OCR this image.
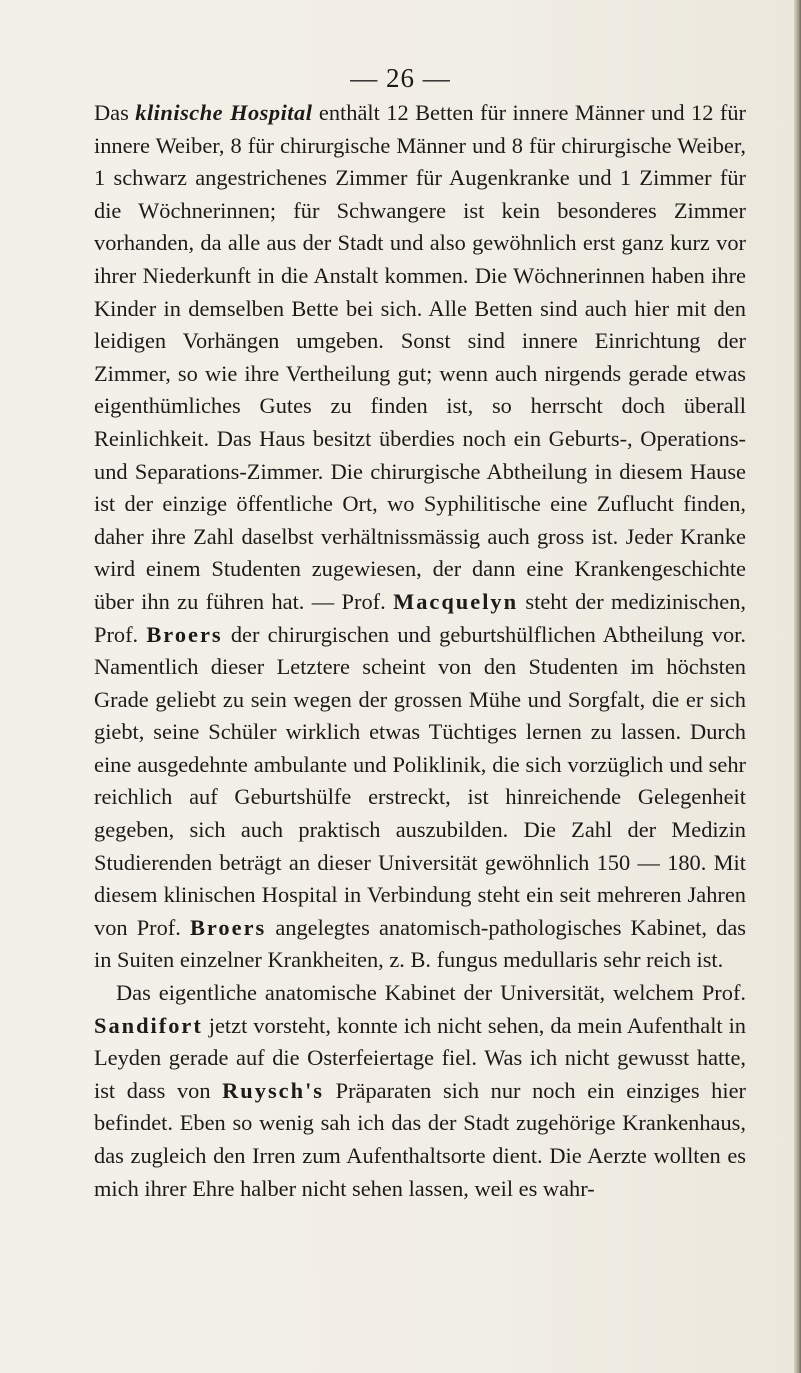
— 26 —

Das klinische Hospital enthält 12 Betten für innere Männer und 12 für innere Weiber, 8 für chirurgische Männer und 8 für chirurgische Weiber, 1 schwarz angestrichenes Zimmer für Augenkranke und 1 Zimmer für die Wöchnerinnen; für Schwangere ist kein besonderes Zimmer vorhanden, da alle aus der Stadt und also gewöhnlich erst ganz kurz vor ihrer Niederkunft in die Anstalt kommen. Die Wöchnerinnen haben ihre Kinder in demselben Bette bei sich. Alle Betten sind auch hier mit den leidigen Vorhängen umgeben. Sonst sind innere Einrichtung der Zimmer, so wie ihre Vertheilung gut; wenn auch nirgends gerade etwas eigenthümliches Gutes zu finden ist, so herrscht doch überall Reinlichkeit. Das Haus besitzt überdies noch ein Geburts-, Operations- und Separations-Zimmer. Die chirurgische Abtheilung in diesem Hause ist der einzige öffentliche Ort, wo Syphilitische eine Zuflucht finden, daher ihre Zahl daselbst verhältnissmässig auch gross ist. Jeder Kranke wird einem Studenten zugewiesen, der dann eine Krankengeschichte über ihn zu führen hat. — Prof. Macquelyn steht der medizinischen, Prof. Broers der chirurgischen und geburtshülflichen Abtheilung vor. Namentlich dieser Letztere scheint von den Studenten im höchsten Grade geliebt zu sein wegen der grossen Mühe und Sorgfalt, die er sich giebt, seine Schüler wirklich etwas Tüchtiges lernen zu lassen. Durch eine ausgedehnte ambulante und Poliklinik, die sich vorzüglich und sehr reichlich auf Geburtshülfe erstreckt, ist hinreichende Gelegenheit gegeben, sich auch praktisch auszubilden. Die Zahl der Medizin Studierenden beträgt an dieser Universität gewöhnlich 150 — 180. Mit diesem klinischen Hospital in Verbindung steht ein seit mehreren Jahren von Prof. Broers angelegtes anatomisch-pathologisches Kabinet, das in Suiten einzelner Krankheiten, z. B. fungus medullaris sehr reich ist.

Das eigentliche anatomische Kabinet der Universität, welchem Prof. Sandifort jetzt vorsteht, konnte ich nicht sehen, da mein Aufenthalt in Leyden gerade auf die Osterfeiertage fiel. Was ich nicht gewusst hatte, ist dass von Ruysch's Präparaten sich nur noch ein einziges hier befindet. Eben so wenig sah ich das der Stadt zugehörige Krankenhaus, das zugleich den Irren zum Aufenthaltsorte dient. Die Aerzte wollten es mich ihrer Ehre halber nicht sehen lassen, weil es wahr-
